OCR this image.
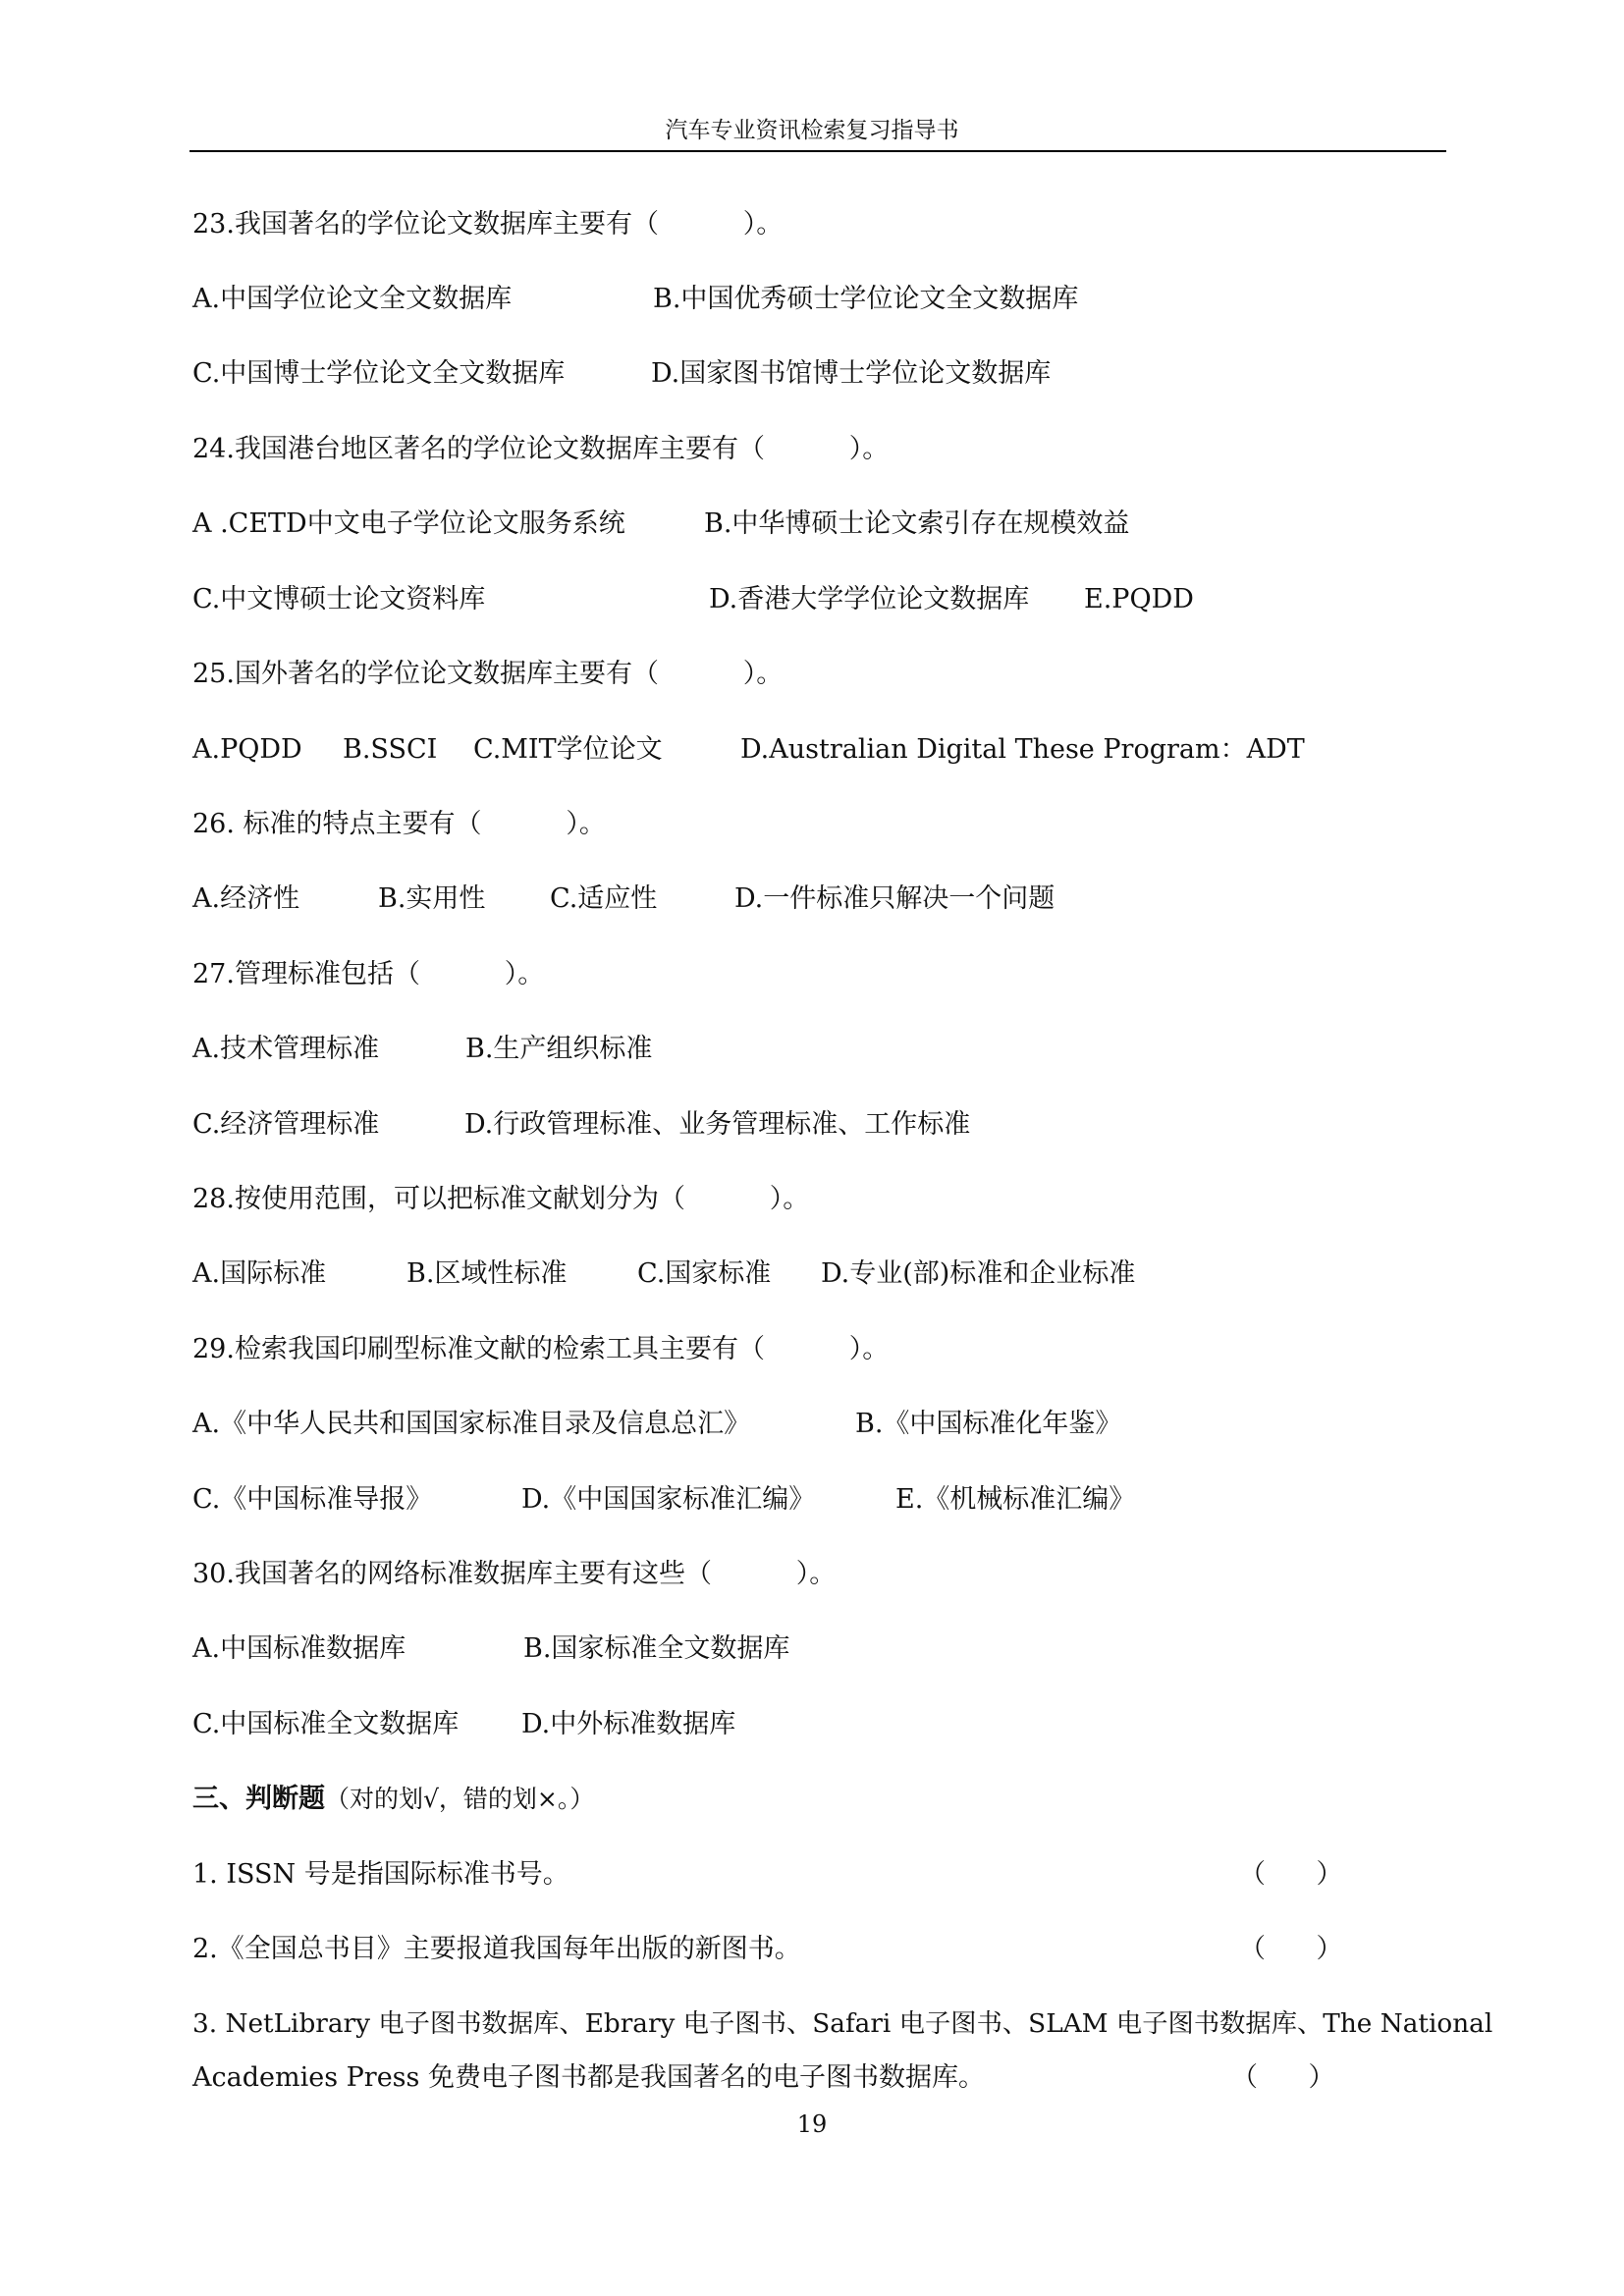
汽车专业资讯检索复习指导书
23.我国著名的学位论文数据库主要有（          ）。
A.中国学位论文全文数据库	B.中国优秀硕士学位论文全文数据库
C.中国博士学位论文全文数据库	D.国家图书馆博士学位论文数据库
24.我国港台地区著名的学位论文数据库主要有（          ）。
A .CETD中文电子学位论文服务系统	B.中华博硕士论文索引存在规模效益
C.中文博硕士论文资料库	D.香港大学学位论文数据库 E.PQDD
25.国外著名的学位论文数据库主要有（          ）。
A.PQDD B.SSCI C.MIT学位论文	D.Australian Digital These Program：ADT
26. 标准的特点主要有（          ）。
A.经济性	B.实用性 C.适应性	D.一件标准只解决一个问题
27.管理标准包括（          ）。
A.技术管理标准	B.生产组织标准
C.经济管理标准	D.行政管理标准、业务管理标准、工作标准
28.按使用范围，可以把标准文献划分为（          ）。
A.国际标准	B.区域性标准	C.国家标准 D.专业(部)标准和企业标准
29.检索我国印刷型标准文献的检索工具主要有（          ）。
A.《中华人民共和国国家标准目录及信息总汇》	B.《中国标准化年鉴》
C.《中国标准导报》	D.《中国国家标准汇编》	E.《机械标准汇编》
30.我国著名的网络标准数据库主要有这些（          ）。
A.中国标准数据库	B.国家标准全文数据库
C.中国标准全文数据库 D.中外标准数据库
三、判断题（对的划√，错的划×。）
1. ISSN 号是指国际标准书号。	（      ）
2.《全国总书目》主要报道我国每年出版的新图书。	（      ）
3. NetLibrary 电子图书数据库、Ebrary 电子图书、Safari 电子图书、SLAM 电子图书数据库、The National
Academies Press 免费电子图书都是我国著名的电子图书数据库。	（      ）
19
